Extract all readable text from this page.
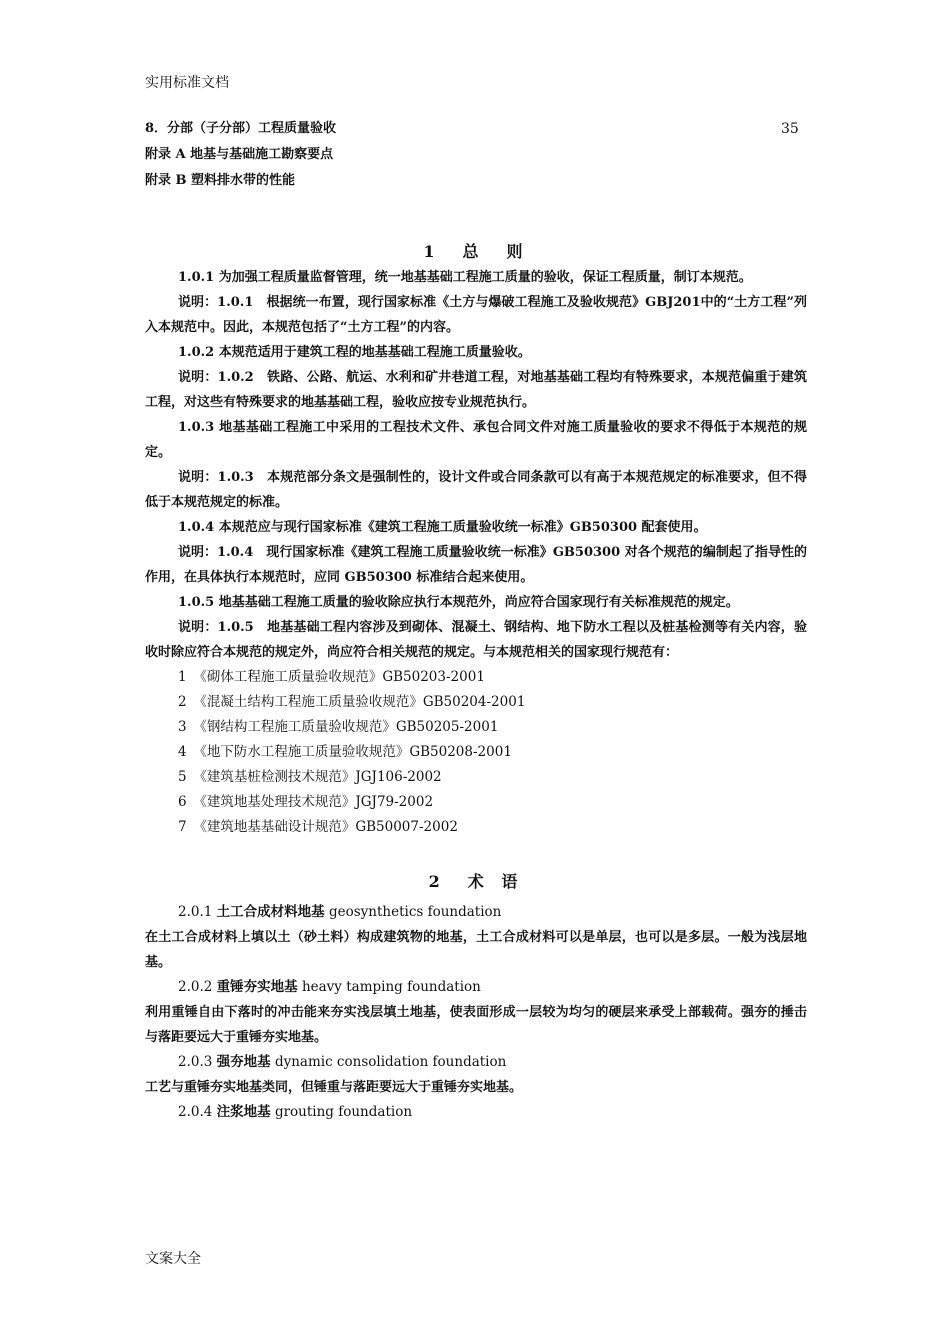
实用标准文档
8．分部（子分部）工程质量验收	35
附录 A 地基与基础施工勘察要点
附录 B 塑料排水带的性能
1　总　则

1.0.1 为加强工程质量监督管理，统一地基基础工程施工质量的验收，保证工程质量，制订本规范。

说明：1.0.1　根据统一布置，现行国家标准《土方与爆破工程施工及验收规范》GBJ201中的“土方工程”列入本规范中。因此，本规范包括了“土方工程”的内容。

1.0.2 本规范适用于建筑工程的地基基础工程施工质量验收。

说明：1.0.2　铁路、公路、航运、水利和矿井巷道工程，对地基基础工程均有特殊要求，本规范偏重于建筑工程，对这些有特殊要求的地基基础工程，验收应按专业规范执行。

1.0.3 地基基础工程施工中采用的工程技术文件、承包合同文件对施工质量验收的要求不得低于本规范的规定。

说明：1.0.3　本规范部分条文是强制性的，设计文件或合同条款可以有高于本规范规定的标准要求，但不得低于本规范规定的标准。

1.0.4 本规范应与现行国家标准《建筑工程施工质量验收统一标准》GB50300 配套使用。

说明：1.0.4　现行国家标准《建筑工程施工质量验收统一标准》GB50300 对各个规范的编制起了指导性的作用，在具体执行本规范时，应同 GB50300 标准结合起来使用。

1.0.5 地基基础工程施工质量的验收除应执行本规范外，尚应符合国家现行有关标准规范的规定。

说明：1.0.5　地基基础工程内容涉及到砌体、混凝土、钢结构、地下防水工程以及桩基检测等有关内容，验收时除应符合本规范的规定外，尚应符合相关规范的规定。与本规范相关的国家现行规范有：

1　《砌体工程施工质量验收规范》GB50203-2001

2　《混凝土结构工程施工质量验收规范》GB50204-2001

3　《钢结构工程施工质量验收规范》GB50205-2001

4　《地下防水工程施工质量验收规范》GB50208-2001

5　《建筑基桩检测技术规范》JGJ106-2002

6　《建筑地基处理技术规范》JGJ79-2002

7　《建筑地基基础设计规范》GB50007-2002

2　术 语

2.0.1 土工合成材料地基 geosynthetics foundation

在土工合成材料上填以土（砂土料）构成建筑物的地基，土工合成材料可以是单层，也可以是多层。一般为浅层地基。

2.0.2 重锤夯实地基 heavy tamping foundation

利用重锤自由下落时的冲击能来夯实浅层填土地基，使表面形成一层较为均匀的硬层来承受上部载荷。强夯的捶击与落距要远大于重锤夯实地基。

2.0.3 强夯地基 dynamic consolidation foundation

工艺与重锤夯实地基类同，但锤重与落距要远大于重锤夯实地基。

2.0.4 注浆地基 grouting foundation

文案大全
